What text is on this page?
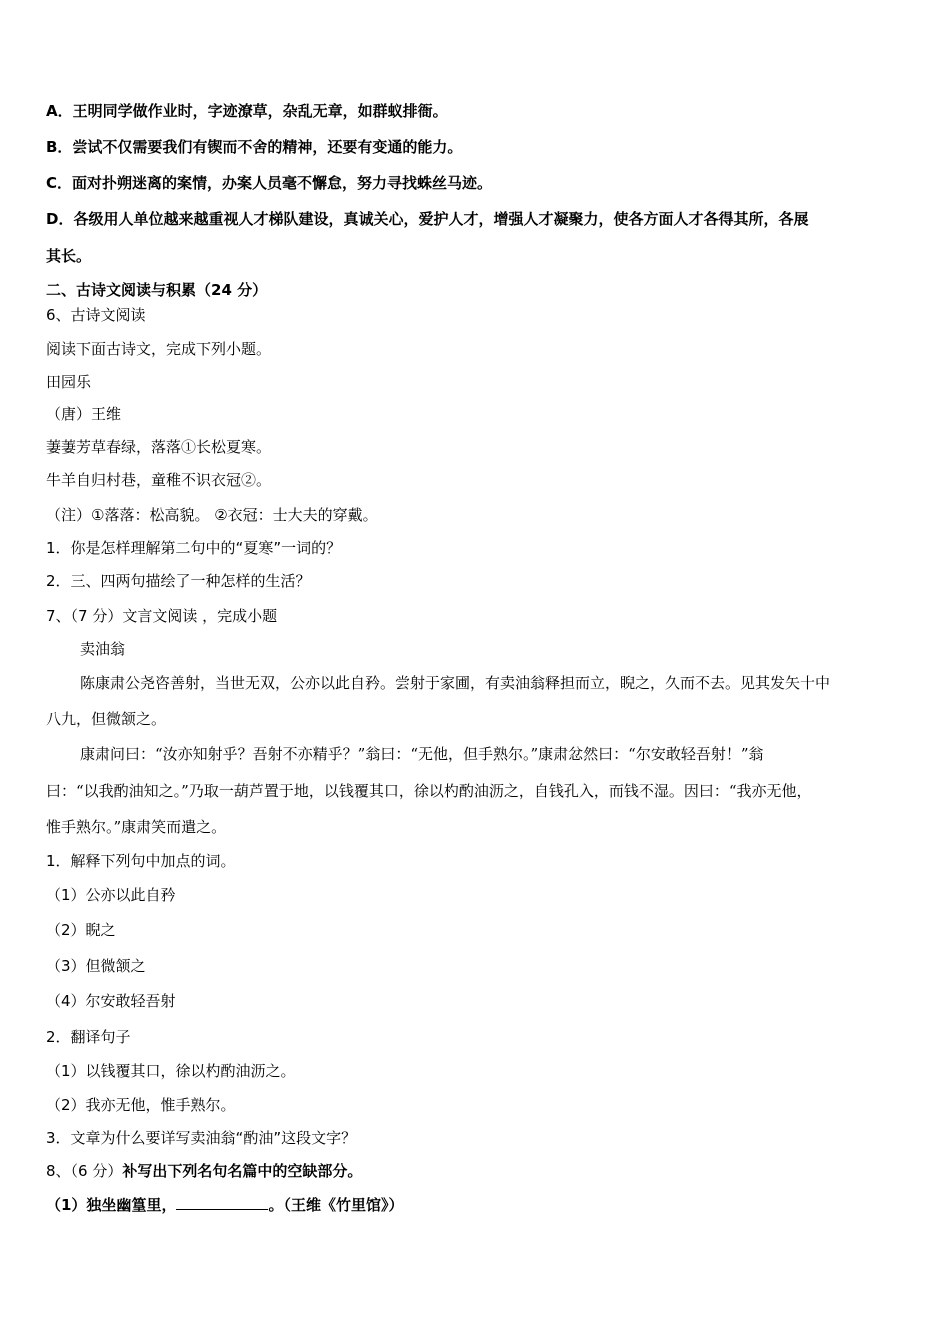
A．王明同学做作业时，字迹潦草，杂乱无章，如群蚁排衙。
B．尝试不仅需要我们有锲而不舍的精神，还要有变通的能力。
C．面对扑朔迷离的案情，办案人员毫不懈怠，努力寻找蛛丝马迹。
D．各级用人单位越来越重视人才梯队建设，真诚关心，爱护人才，增强人才凝聚力，使各方面人才各得其所，各展
其长。
二、古诗文阅读与积累（24 分）
6、古诗文阅读
阅读下面古诗文，完成下列小题。
田园乐
（唐）王维
萋萋芳草春绿，落落①长松夏寒。
牛羊自归村巷，童稚不识衣冠②。
（注）①落落：松高貌。 ②衣冠：士大夫的穿戴。
1．你是怎样理解第二句中的“夏寒”一词的？
2．三、四两句描绘了一种怎样的生活？
7、（7 分）文言文阅读 ，完成小题
卖油翁
陈康肃公尧咨善射，当世无双，公亦以此自矜。尝射于家圃，有卖油翁释担而立，睨之，久而不去。见其发矢十中
八九，但微颔之。
康肃问曰：“汝亦知射乎？吾射不亦精乎？”翁曰：“无他，但手熟尔。”康肃忿然曰：“尔安敢轻吾射！”翁
曰：“以我酌油知之。”乃取一葫芦置于地，以钱覆其口，徐以杓酌油沥之，自钱孔入，而钱不湿。因曰：“我亦无他，
惟手熟尔。”康肃笑而遣之。
1．解释下列句中加点的词。
（1）公亦以此自矜
（2）睨之
（3）但微颔之
（4）尔安敢轻吾射
2．翻译句子
（1）以钱覆其口，徐以杓酌油沥之。
（2）我亦无他，惟手熟尔。
3．文章为什么要详写卖油翁“酌油”这段文字？
8、（6 分）补写出下列名句名篇中的空缺部分。
（1）独坐幽篁里，	。（王维《竹里馆》）
